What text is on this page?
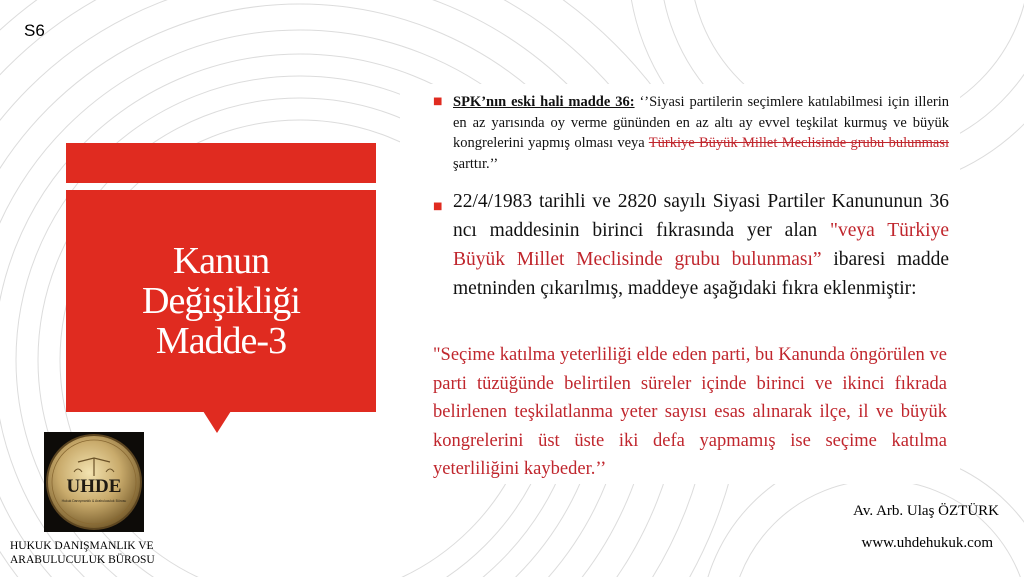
S6
Kanun
Değişikliği
Madde-3
UHDE
Hukuk Danışmanlık & Arabuluculuk Bürosu
HUKUK DANIŞMANLIK VE
ARABULUCULUK BÜROSU
■ SPK’nın eski hali madde 36: ‘’Siyasi partilerin seçimlere katılabilmesi için illerin en az yarısında oy verme gününden en az altı ay evvel teşkilat kurmuş ve büyük kongrelerini yapmış olması veya Türkiye Büyük Millet Meclisinde grubu bulunması şarttır.’’
■ 22/4/1983 tarihli ve 2820 sayılı Siyasi Partiler Kanununun 36 ncı maddesinin birinci fıkrasında yer alan "veya Türkiye Büyük Millet Meclisinde grubu bulunması” ibaresi madde metninden çıkarılmış, maddeye aşağıdaki fıkra eklenmiştir:
"Seçime katılma yeterliliği elde eden parti, bu Kanunda öngörülen ve parti tüzüğünde belirtilen süreler içinde birinci ve ikinci fıkrada belirlenen teşkilatlanma yeter sayısı esas alınarak ilçe, il ve büyük kongrelerini üst üste iki defa yapmamış ise seçime katılma yeterliliğini kaybeder.’’
Av. Arb. Ulaş ÖZTÜRK
www.uhdehukuk.com
